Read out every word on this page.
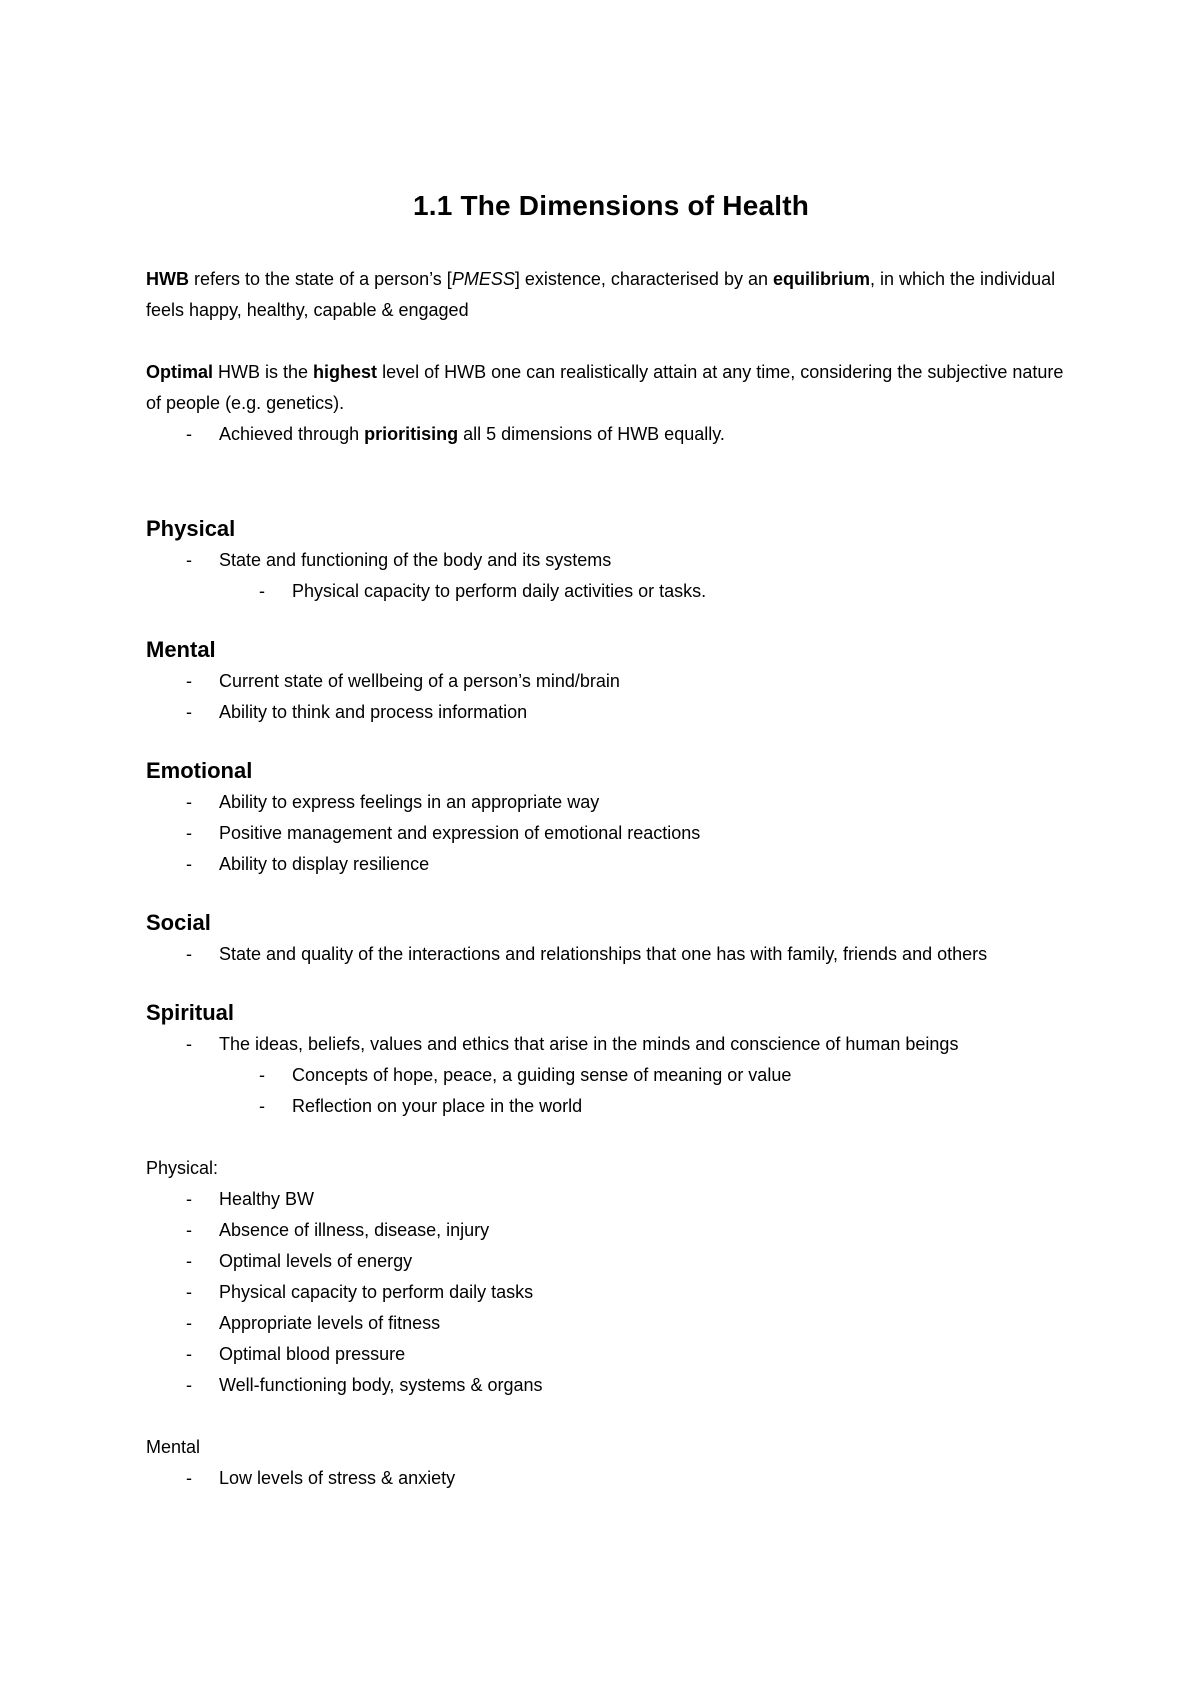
1.1 The Dimensions of Health

HWB refers to the state of a person’s [PMESS] existence, characterised by an equilibrium, in which the individual feels happy, healthy, capable & engaged

Optimal HWB is the highest level of HWB one can realistically attain at any time, considering the subjective nature of people (e.g. genetics).

- Achieved through prioritising all 5 dimensions of HWB equally.
Physical
- State and functioning of the body and its systems
- Physical capacity to perform daily activities or tasks.
Mental
- Current state of wellbeing of a person’s mind/brain
- Ability to think and process information
Emotional
- Ability to express feelings in an appropriate way
- Positive management and expression of emotional reactions
- Ability to display resilience
Social
- State and quality of the interactions and relationships that one has with family, friends and others
Spiritual
- The ideas, beliefs, values and ethics that arise in the minds and conscience of human beings
- Concepts of hope, peace, a guiding sense of meaning or value
- Reflection on your place in the world

Physical:

- Healthy BW
- Absence of illness, disease, injury
- Optimal levels of energy
- Physical capacity to perform daily tasks
- Appropriate levels of fitness
- Optimal blood pressure
- Well-functioning body, systems & organs

Mental

- Low levels of stress & anxiety
